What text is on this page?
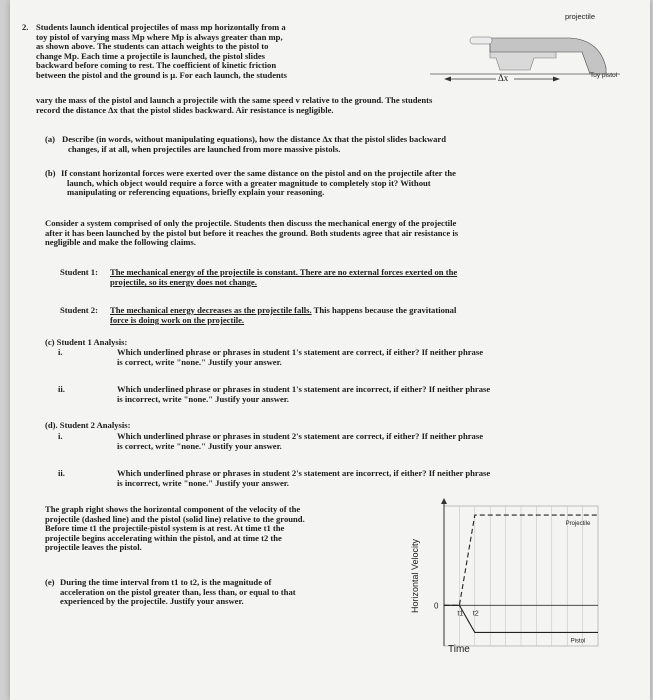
2. Students launch identical projectiles of mass mp horizontally from a
toy pistol of varying mass Mp where Mp is always greater than mp,
as shown above. The students can attach weights to the pistol to
change Mp. Each time a projectile is launched, the pistol slides
backward before coming to rest. The coefficient of kinetic friction
between the pistol and the ground is µ. For each launch, the students
vary the mass of the pistol and launch a projectile with the same speed v relative to the ground. The students
record the distance Δx that the pistol slides backward. Air resistance is negligible.
projectile
Δx	Toy pistol
(a) Describe (in words, without manipulating equations), how the distance Δx that the pistol slides backward
changes, if at all, when projectiles are launched from more massive pistols.
(b) If constant horizontal forces were exerted over the same distance on the pistol and on the projectile after the
launch, which object would require a force with a greater magnitude to completely stop it? Without
manipulating or referencing equations, briefly explain your reasoning.
Consider a system comprised of only the projectile. Students then discuss the mechanical energy of the projectile
after it has been launched by the pistol but before it reaches the ground. Both students agree that air resistance is
negligible and make the following claims.
Student 1: The mechanical energy of the projectile is constant. There are no external forces exerted on the
projectile, so its energy does not change.
Student 2: The mechanical energy decreases as the projectile falls. This happens because the gravitational
force is doing work on the projectile.
(c) Student 1 Analysis:
i.	Which underlined phrase or phrases in student 1's statement are correct, if either? If neither phrase
is correct, write "none." Justify your answer.
ii.	Which underlined phrase or phrases in student 1's statement are incorrect, if either? If neither phrase
is incorrect, write "none." Justify your answer.
(d). Student 2 Analysis:
i.	Which underlined phrase or phrases in student 2's statement are correct, if either? If neither phrase
is correct, write "none." Justify your answer.
ii.	Which underlined phrase or phrases in student 2's statement are incorrect, if either? If neither phrase
is incorrect, write "none." Justify your answer.
The graph right shows the horizontal component of the velocity of the
projectile (dashed line) and the pistol (solid line) relative to the ground.
Before time t1 the projectile-pistol system is at rest. At time t1 the
projectile begins accelerating within the pistol, and at time t2 the
projectile leaves the pistol.
(e) During the time interval from t1 to t2, is the magnitude of
acceleration on the pistol greater than, less than, or equal to that
experienced by the projectile. Justify your answer.	Horizontal Velocity 0
t1 t2
Projectile
Pistol
Time
